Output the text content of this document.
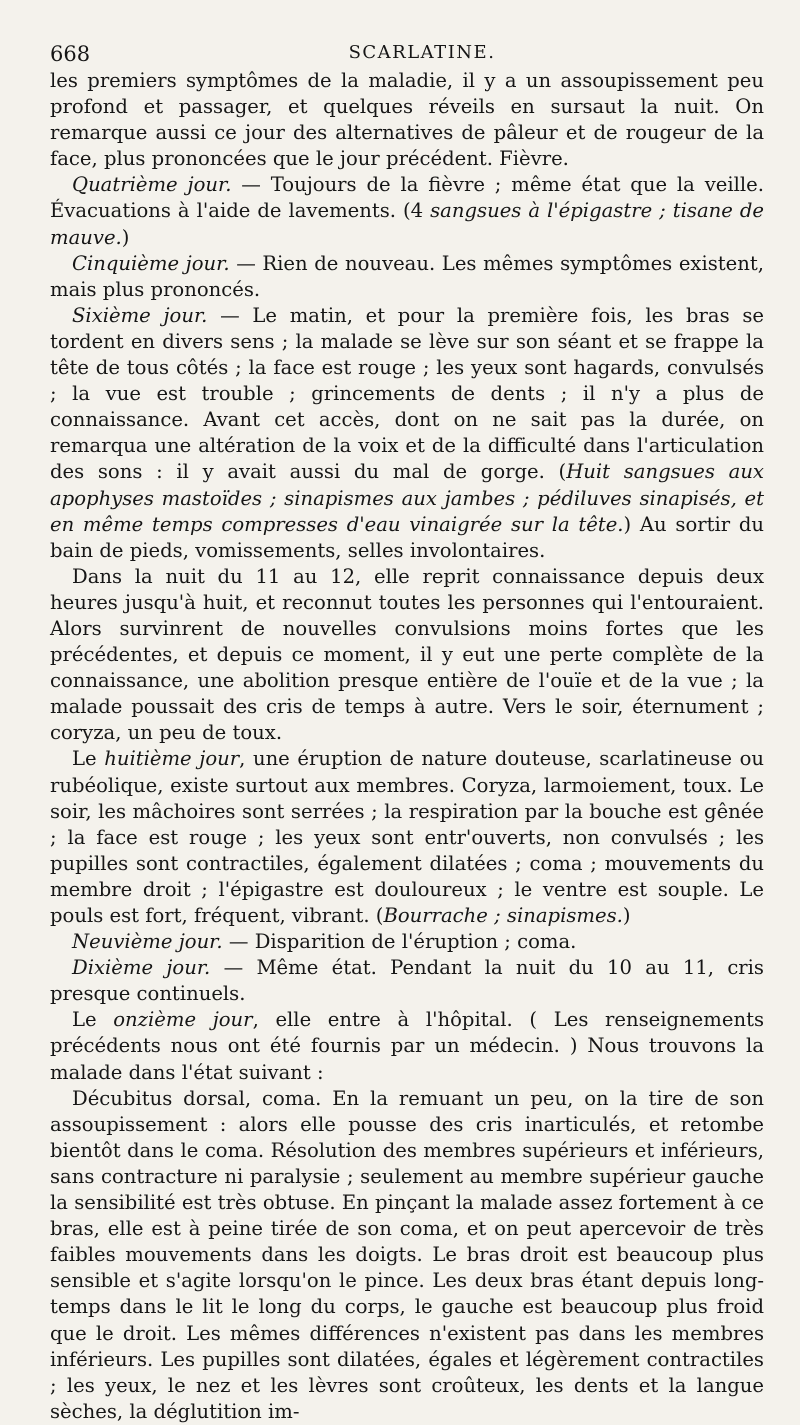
668	SCARLATINE.

les premiers symptômes de la maladie, il y a un assoupissement peu profond et passager, et quelques réveils en sursaut la nuit. On remarque aussi ce jour des alternatives de pâleur et de rougeur de la face, plus prononcées que le jour précédent. Fièvre.

Quatrième jour. — Toujours de la fièvre ; même état que la veille. Évacuations à l'aide de lavements. (4 sangsues à l'épigastre ; tisane de mauve.)

Cinquième jour. — Rien de nouveau. Les mêmes symptômes existent, mais plus prononcés.

Sixième jour. — Le matin, et pour la première fois, les bras se tordent en divers sens ; la malade se lève sur son séant et se frappe la tête de tous côtés ; la face est rouge ; les yeux sont hagards, convulsés ; la vue est trouble ; grincements de dents ; il n'y a plus de connaissance. Avant cet accès, dont on ne sait pas la durée, on remarqua une altération de la voix et de la difficulté dans l'articulation des sons : il y avait aussi du mal de gorge. (Huit sangsues aux apophyses mastoïdes ; sinapismes aux jambes ; pédiluves sinapisés, et en même temps compresses d'eau vinaigrée sur la tête.) Au sortir du bain de pieds, vomissements, selles involontaires.

Dans la nuit du 11 au 12, elle reprit connaissance depuis deux heures jusqu'à huit, et reconnut toutes les personnes qui l'entouraient. Alors survinrent de nouvelles convulsions moins fortes que les précédentes, et depuis ce moment, il y eut une perte complète de la connaissance, une abolition presque entière de l'ouïe et de la vue ; la malade poussait des cris de temps à autre. Vers le soir, éternument ; coryza, un peu de toux.

Le huitième jour, une éruption de nature douteuse, scarlatineuse ou rubéolique, existe surtout aux membres. Coryza, larmoiement, toux. Le soir, les mâchoires sont serrées ; la respiration par la bouche est gênée ; la face est rouge ; les yeux sont entr'ouverts, non convulsés ; les pupilles sont contractiles, également dilatées ; coma ; mouvements du membre droit ; l'épigastre est douloureux ; le ventre est souple. Le pouls est fort, fréquent, vibrant. (Bourrache ; sinapismes.)

Neuvième jour. — Disparition de l'éruption ; coma.

Dixième jour. — Même état. Pendant la nuit du 10 au 11, cris presque continuels.

Le onzième jour, elle entre à l'hôpital. ( Les renseignements précédents nous ont été fournis par un médecin. ) Nous trouvons la malade dans l'état suivant :

Décubitus dorsal, coma. En la remuant un peu, on la tire de son assoupissement : alors elle pousse des cris inarticulés, et retombe bientôt dans le coma. Résolution des membres supérieurs et inférieurs, sans contracture ni paralysie ; seulement au membre supérieur gauche la sensibilité est très obtuse. En pinçant la malade assez fortement à ce bras, elle est à peine tirée de son coma, et on peut apercevoir de très faibles mouvements dans les doigts. Le bras droit est beaucoup plus sensible et s'agite lorsqu'on le pince. Les deux bras étant depuis long-temps dans le lit le long du corps, le gauche est beaucoup plus froid que le droit. Les mêmes différences n'existent pas dans les membres inférieurs. Les pupilles sont dilatées, égales et légèrement contractiles ; les yeux, le nez et les lèvres sont croûteux, les dents et la langue sèches, la déglutition im-
